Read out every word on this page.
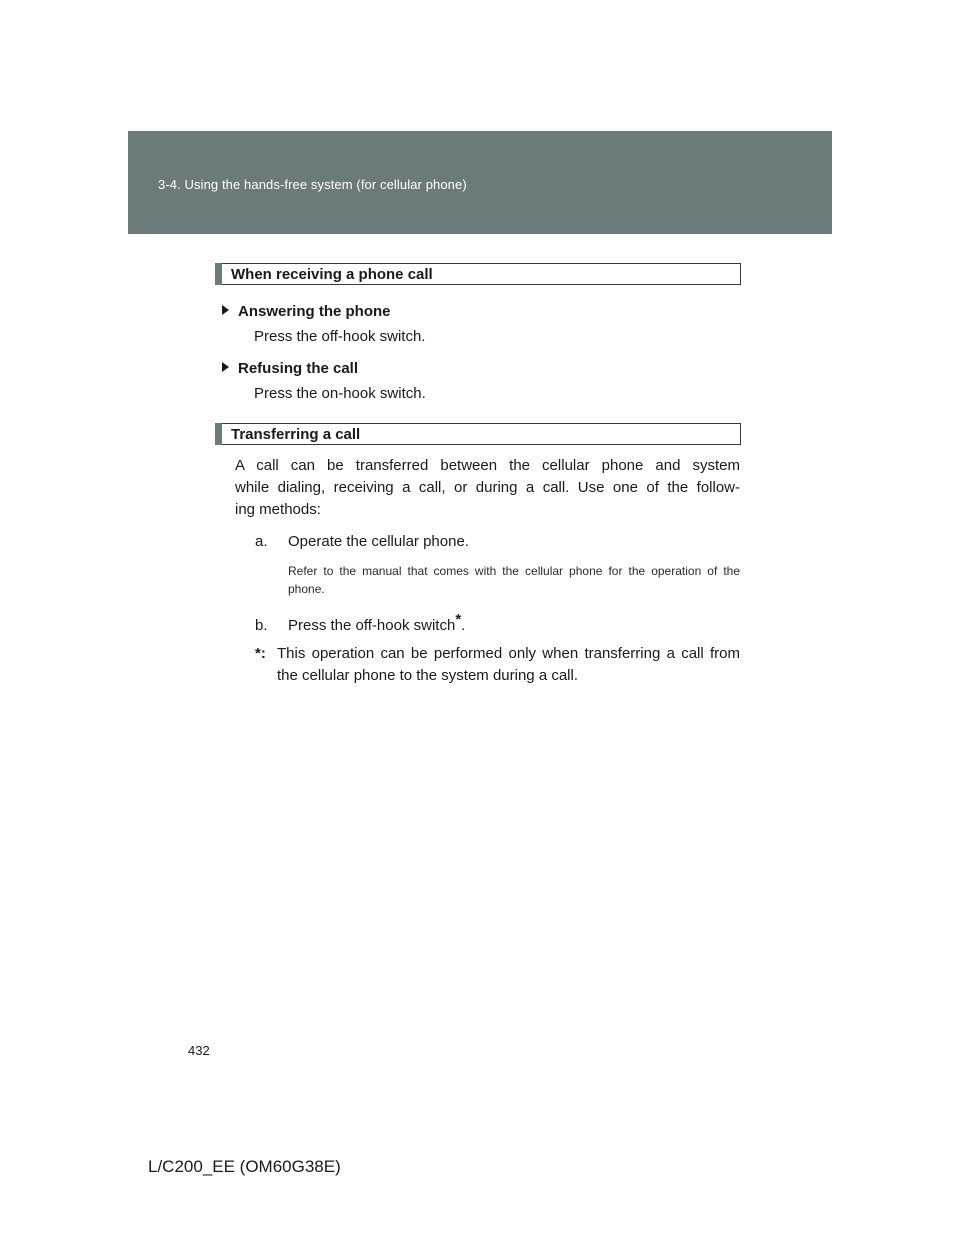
3-4. Using the hands-free system (for cellular phone)
When receiving a phone call
Answering the phone
Press the off-hook switch.
Refusing the call
Press the on-hook switch.
Transferring a call
A call can be transferred between the cellular phone and system
while dialing, receiving a call, or during a call. Use one of the follow-
ing methods:
a. Operate the cellular phone.
Refer to the manual that comes with the cellular phone for the operation of the phone.
b. Press the off-hook switch*.
*: This operation can be performed only when transferring a call from the cellular phone to the system during a call.
432
L/C200_EE (OM60G38E)
